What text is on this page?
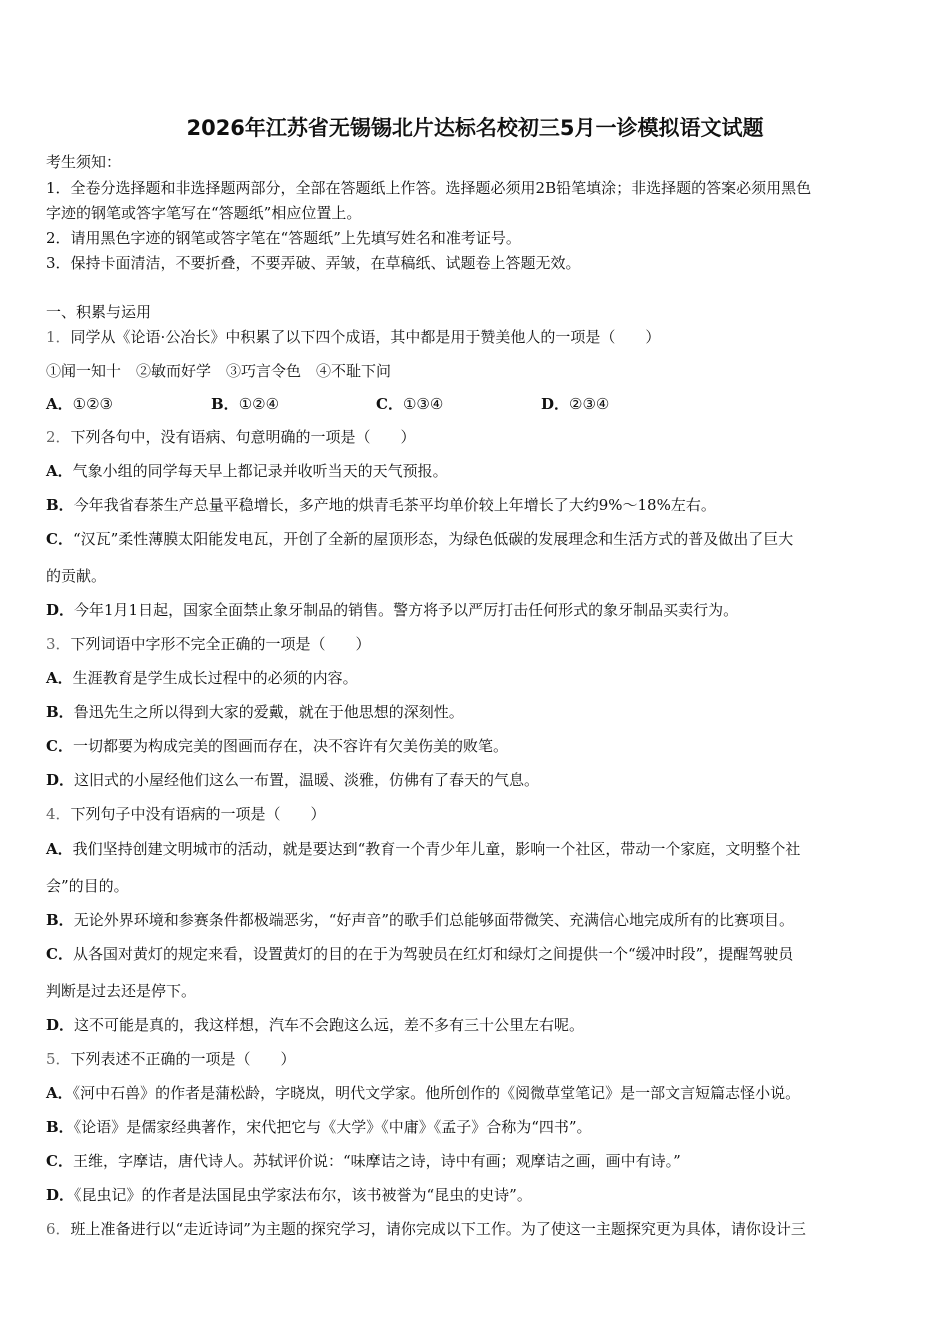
2026年江苏省无锡锡北片达标名校初三5月一诊模拟语文试题
考生须知：
1．全卷分选择题和非选择题两部分，全部在答题纸上作答。选择题必须用2B铅笔填涂；非选择题的答案必须用黑色
字迹的钢笔或答字笔写在“答题纸”相应位置上。
2．请用黑色字迹的钢笔或答字笔在“答题纸”上先填写姓名和准考证号。
3．保持卡面清洁，不要折叠，不要弄破、弄皱，在草稿纸、试题卷上答题无效。
一、积累与运用
1．同学从《论语·公冶长》中积累了以下四个成语，其中都是用于赞美他人的一项是（　　）
①闻一知十　②敏而好学　③巧言令色　④不耻下问
A．①②③	B．①②④	C．①③④	D．②③④
2．下列各句中，没有语病、句意明确的一项是（　　）
A．气象小组的同学每天早上都记录并收听当天的天气预报。
B．今年我省春茶生产总量平稳增长，多产地的烘青毛茶平均单价较上年增长了大约9%～18%左右。
C．“汉瓦”柔性薄膜太阳能发电瓦，开创了全新的屋顶形态，为绿色低碳的发展理念和生活方式的普及做出了巨大
的贡献。
D．今年1月1日起，国家全面禁止象牙制品的销售。警方将予以严厉打击任何形式的象牙制品买卖行为。
3．下列词语中字形不完全正确的一项是（　　）
A．生涯教育是学生成长过程中的必须的内容。
B．鲁迅先生之所以得到大家的爱戴，就在于他思想的深刻性。
C．一切都要为构成完美的图画而存在，决不容许有欠美伤美的败笔。
D．这旧式的小屋经他们这么一布置，温暖、淡雅，仿佛有了春天的气息。
4．下列句子中没有语病的一项是（　　）
A．我们坚持创建文明城市的活动，就是要达到“教育一个青少年儿童，影响一个社区，带动一个家庭，文明整个社
会”的目的。
B．无论外界环境和参赛条件都极端恶劣，“好声音”的歌手们总能够面带微笑、充满信心地完成所有的比赛项目。
C．从各国对黄灯的规定来看，设置黄灯的目的在于为驾驶员在红灯和绿灯之间提供一个“缓冲时段”，提醒驾驶员
判断是过去还是停下。
D．这不可能是真的，我这样想，汽车不会跑这么远，差不多有三十公里左右呢。
5．下列表述不正确的一项是（　　）
A．《河中石兽》的作者是蒲松龄，字晓岚，明代文学家。他所创作的《阅微草堂笔记》是一部文言短篇志怪小说。
B．《论语》是儒家经典著作，宋代把它与《大学》《中庸》《孟子》合称为“四书”。
C．王维，字摩诘，唐代诗人。苏轼评价说：“味摩诘之诗，诗中有画；观摩诘之画，画中有诗。”
D．《昆虫记》的作者是法国昆虫学家法布尔，该书被誉为“昆虫的史诗”。
6．班上准备进行以“走近诗词”为主题的探究学习，请你完成以下工作。为了使这一主题探究更为具体，请你设计三
